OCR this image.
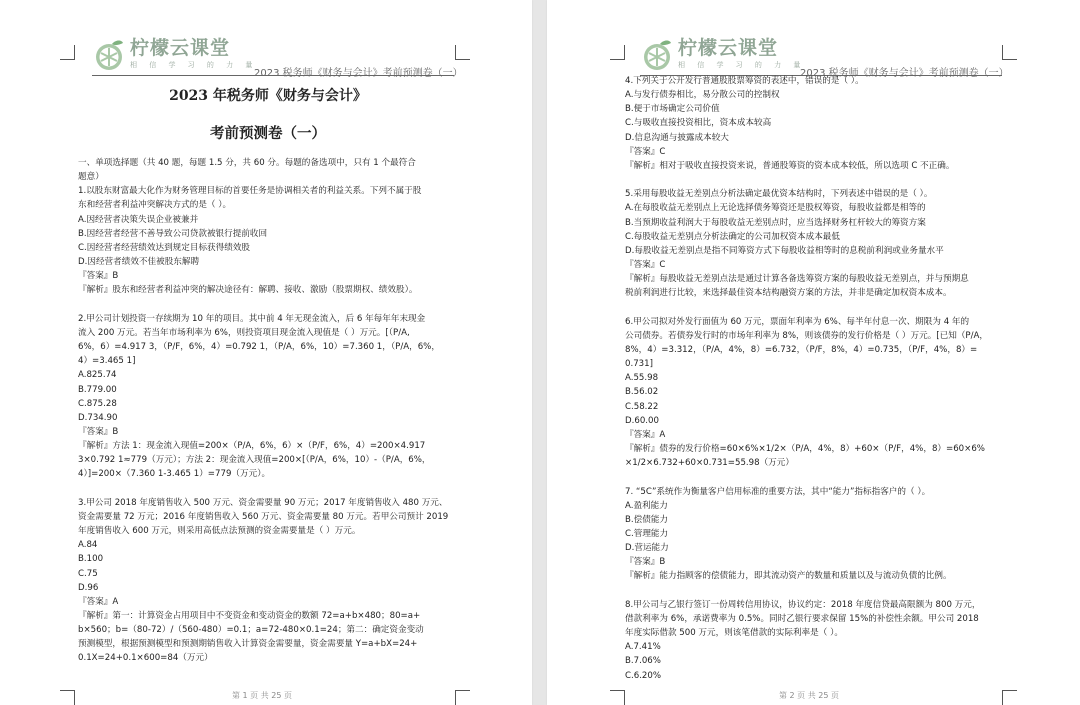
柠檬云课堂
相 信 学 习 的 力 量
2023 税务师《财务与会计》考前预测卷（一）

2023 年税务师《财务与会计》

考前预测卷（一）

一、单项选择题（共 40 题，每题 1.5 分，共 60 分。每题的备选项中，只有 1 个最符合

题意）

1.以股东财富最大化作为财务管理目标的首要任务是协调相关者的利益关系。下列不属于股

东和经营者利益冲突解决方式的是（ ）。

A.因经营者决策失误企业被兼并

B.因经营者经营不善导致公司贷款被银行提前收回

C.因经营者经营绩效达到规定目标获得绩效股

D.因经营者绩效不佳被股东解聘

『答案』B

『解析』股东和经营者利益冲突的解决途径有：解聘、接收、激励（股票期权、绩效股）。

2.甲公司计划投资一存续期为 10 年的项目。其中前 4 年无现金流入，后 6 年每年年末现金

流入 200 万元。若当年市场利率为 6%，则投资项目现金流入现值是（ ）万元。[（P/A,

6%，6）=4.917 3，（P/F，6%，4）=0.792 1，（P/A，6%，10）=7.360 1，（P/A，6%，

4）=3.465 1]

A.825.74

B.779.00

C.875.28

D.734.90

『答案』B

『解析』方法 1：现金流入现值=200×（P/A，6%，6）×（P/F，6%，4）=200×4.917

3×0.792 1≈779（万元）；方法 2：现金流入现值=200×[（P/A，6%，10）-（P/A，6%，

4）]=200×（7.360 1-3.465 1）=779（万元）。

3.甲公司 2018 年度销售收入 500 万元、资金需要量 90 万元；2017 年度销售收入 480 万元、

资金需要量 72 万元；2016 年度销售收入 560 万元、资金需要量 80 万元。若甲公司预计 2019

年度销售收入 600 万元，则采用高低点法预测的资金需要量是（ ）万元。

A.84

B.100

C.75

D.96

『答案』A

『解析』第一：计算资金占用项目中不变资金和变动资金的数额 72=a+b×480；80=a+

b×560；b=（80-72）/（560-480）=0.1；a=72-480×0.1=24；第二：确定资金变动

预测模型，根据预测模型和预测期销售收入计算资金需要量，资金需要量 Y=a+bX=24+

0.1X=24+0.1×600=84（万元）

第 1 页 共 25 页
柠檬云课堂
相 信 学 习 的 力 量
2023 税务师《财务与会计》考前预测卷（一）

4.下列关于公开发行普通股股票筹资的表述中，错误的是（ ）。

A.与发行债券相比，易分散公司的控制权

B.便于市场确定公司价值

C.与吸收直接投资相比，资本成本较高

D.信息沟通与披露成本较大

『答案』C

『解析』相对于吸收直接投资来说，普通股筹资的资本成本较低，所以选项 C 不正确。

5.采用每股收益无差别点分析法确定最优资本结构时，下列表述中错误的是（ ）。

A.在每股收益无差别点上无论选择债务筹资还是股权筹资，每股收益都是相等的

B.当预期收益利润大于每股收益无差别点时，应当选择财务杠杆较大的筹资方案

C.每股收益无差别点分析法确定的公司加权资本成本最低

D.每股收益无差别点是指不同筹资方式下每股收益相等时的息税前利润或业务量水平

『答案』C

『解析』每股收益无差别点法是通过计算各备选筹资方案的每股收益无差别点，并与预期息

税前利润进行比较，来选择最佳资本结构融资方案的方法，并非是确定加权资本成本。

6.甲公司拟对外发行面值为 60 万元，票面年利率为 6%、每半年付息一次、期限为 4 年的

公司债券。若债券发行时的市场年利率为 8%，则该债券的发行价格是（ ）万元。[已知（P/A，

8%，4）=3.312，（P/A，4%，8）=6.732，（P/F，8%，4）=0.735，（P/F，4%，8）=

0.731]

A.55.98

B.56.02

C.58.22

D.60.00

『答案』A

『解析』债券的发行价格=60×6%×1/2×（P/A，4%，8）+60×（P/F，4%，8）=60×6%

×1/2×6.732+60×0.731=55.98（万元）

7. “5C”系统作为衡量客户信用标准的重要方法，其中“能力”指标指客户的（ ）。

A.盈利能力

B.偿债能力

C.管理能力

D.营运能力

『答案』B

『解析』能力指顾客的偿债能力，即其流动资产的数量和质量以及与流动负债的比例。

8.甲公司与乙银行签订一份周转信用协议，协议约定：2018 年度信贷最高限额为 800 万元，

借款利率为 6%，承诺费率为 0.5%。同时乙银行要求保留 15%的补偿性余额。甲公司 2018

年度实际借款 500 万元，则该笔借款的实际利率是（ ）。

A.7.41%

B.7.06%

C.6.20%

第 2 页 共 25 页
